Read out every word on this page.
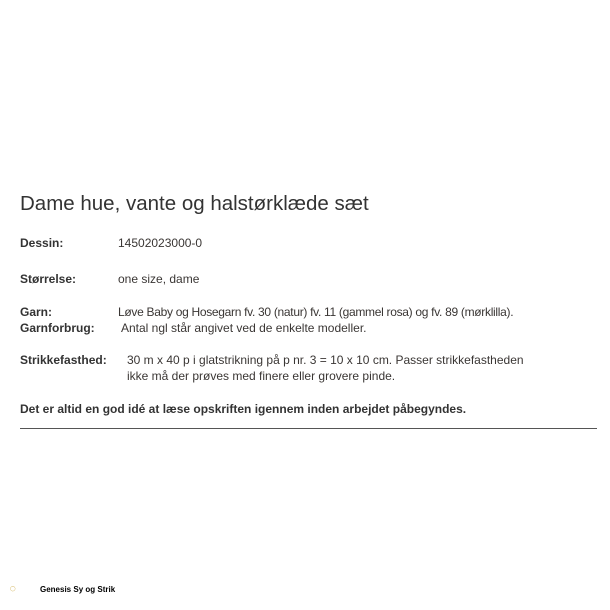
Dame hue, vante og halstørklæde sæt
Dessin:	14502023000-0
Størrelse:	one size, dame
Garn:	Løve Baby og Hosegarn fv. 30 (natur) fv. 11 (gammel rosa) og fv. 89 (mørklilla).
Garnforbrug: Antal ngl står angivet ved de enkelte modeller.
Strikkefasthed: 30 m x 40 p i glatstrikning på p nr. 3 = 10 x 10 cm. Passer strikkefastheden
ikke må der prøves med finere eller grovere pinde.
Det er altid en god idé at læse opskriften igennem inden arbejdet påbegyndes.
◯	Genesis Sy og Strik
